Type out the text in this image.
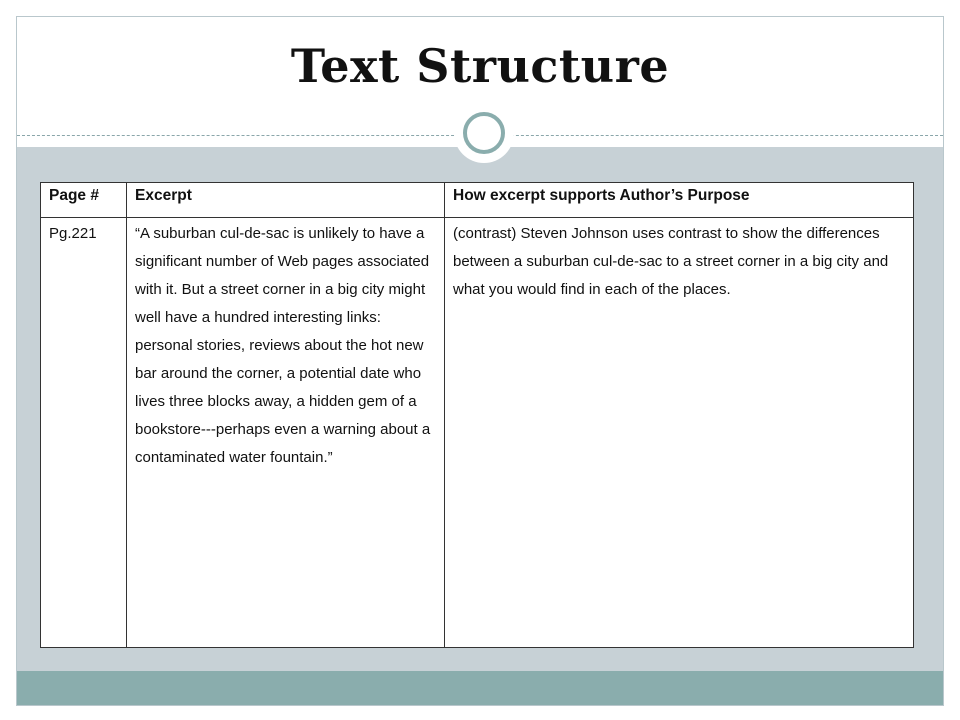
Text Structure
Page #	Excerpt	How excerpt supports Author’s Purpose
Pg.221	“A suburban cul-de-sac is unlikely to have a significant number of Web pages associated with it. But a street corner in a big city might well have a hundred interesting links: personal stories, reviews about the hot new bar around the corner, a potential date who lives three blocks away, a hidden gem of a bookstore---perhaps even a warning about a contaminated water fountain.”	(contrast) Steven Johnson uses contrast to show the differences between a suburban cul-de-sac to a street corner in a big city and what you would find in each of the places.
